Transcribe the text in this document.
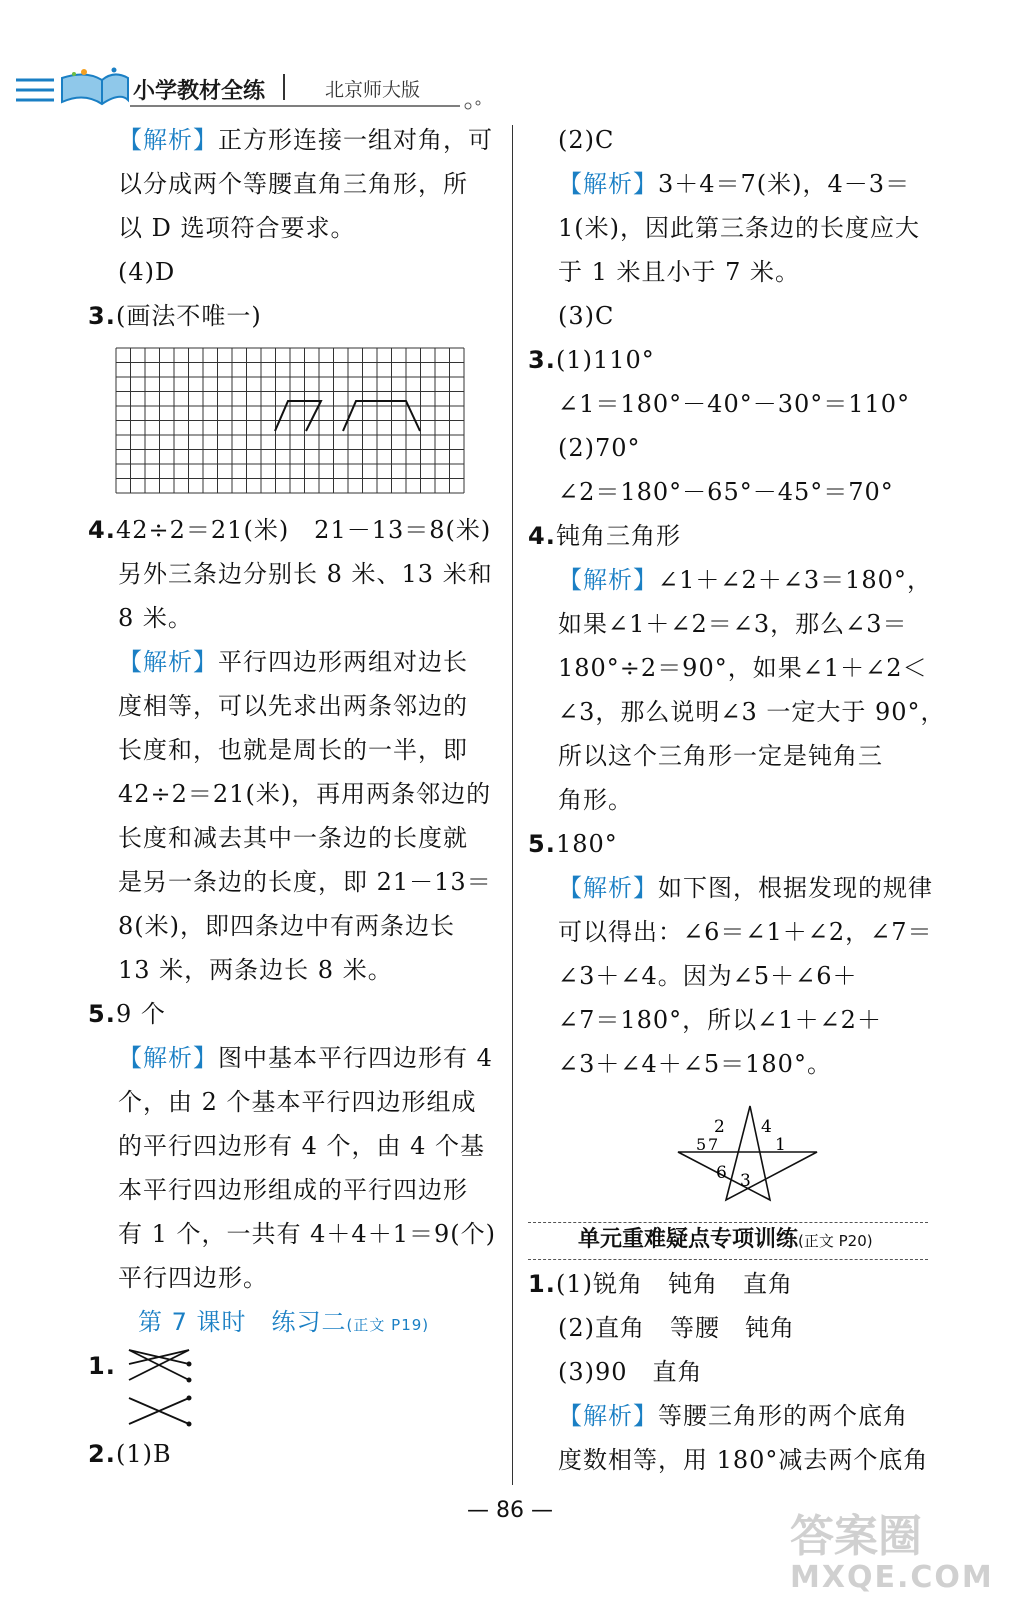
小学教材全练	北京师大版
【解析】正方形连接一组对角，可
以分成两个等腰直角三角形，所
以 D 选项符合要求。
(4)D
3.(画法不唯一)
4.42÷2＝21(米)　21－13＝8(米)
另外三条边分别长 8 米、13 米和
8 米。
【解析】平行四边形两组对边长
度相等，可以先求出两条邻边的
长度和，也就是周长的一半，即
42÷2＝21(米)，再用两条邻边的
长度和减去其中一条边的长度就
是另一条边的长度，即 21－13＝
8(米)，即四条边中有两条边长
13 米，两条边长 8 米。
5.9 个
【解析】图中基本平行四边形有 4
个，由 2 个基本平行四边形组成
的平行四边形有 4 个，由 4 个基
本平行四边形组成的平行四边形
有 1 个，一共有 4＋4＋1＝9(个)
平行四边形。
第 7 课时　练习二(正文 P19)
1.
2.(1)B
(2)C
【解析】3＋4＝7(米)，4－3＝
1(米)，因此第三条边的长度应大
于 1 米且小于 7 米。
(3)C
3.(1)110°
∠1＝180°－40°－30°＝110°
(2)70°
∠2＝180°－65°－45°＝70°
4.钝角三角形
【解析】∠1＋∠2＋∠3＝180°，
如果∠1＋∠2＝∠3，那么∠3＝
180°÷2＝90°，如果∠1＋∠2＜
∠3，那么说明∠3 一定大于 90°，
所以这个三角形一定是钝角三
角形。
5.180°
【解析】如下图，根据发现的规律
可以得出：∠6＝∠1＋∠2，∠7＝
∠3＋∠4。因为∠5＋∠6＋
∠7＝180°，所以∠1＋∠2＋
∠3＋∠4＋∠5＝180°。
2 4
5 7	1
6 3
单元重难疑点专项训练(正文 P20)
1.(1)锐角　钝角　直角
(2)直角　等腰　钝角
(3)90　直角
【解析】等腰三角形的两个底角
度数相等，用 180°减去两个底角
— 86 —
答案圈
MXQE.COM
